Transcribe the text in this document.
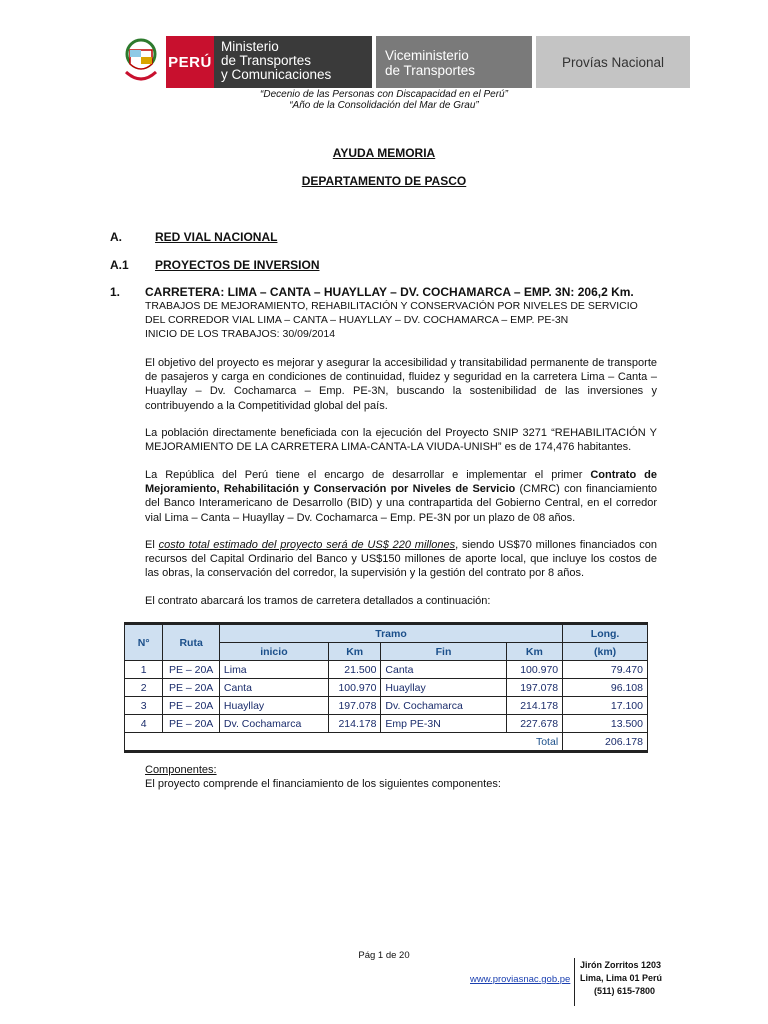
PERÚ
Ministerio
de Transportes
y Comunicaciones
Viceministerio
de Transportes
Provías Nacional
“Decenio de las Personas con Discapacidad en el Perú”
“Año de la Consolidación del Mar de Grau”
AYUDA MEMORIA
DEPARTAMENTO DE PASCO
A.	RED VIAL NACIONAL
A.1 PROYECTOS DE INVERSION
1. CARRETERA: LIMA – CANTA – HUAYLLAY – DV. COCHAMARCA – EMP. 3N: 206,2 Km.
TRABAJOS DE MEJORAMIENTO, REHABILITACIÓN Y CONSERVACIÓN POR NIVELES DE SERVICIO
DEL CORREDOR VIAL LIMA – CANTA – HUAYLLAY – DV. COCHAMARCA – EMP. PE-3N
INICIO DE LOS TRABAJOS: 30/09/2014
El objetivo del proyecto es mejorar y asegurar la accesibilidad y transitabilidad permanente de transporte de pasajeros y carga en condiciones de continuidad, fluidez y seguridad en la carretera Lima – Canta – Huayllay – Dv. Cochamarca – Emp. PE-3N, buscando la sostenibilidad de las inversiones y contribuyendo a la Competitividad global del país.
La población directamente beneficiada con la ejecución del Proyecto SNIP 3271 “REHABILITACIÓN Y MEJORAMIENTO DE LA CARRETERA LIMA-CANTA-LA VIUDA-UNISH” es de 174,476 habitantes.
La República del Perú tiene el encargo de desarrollar e implementar el primer Contrato de Mejoramiento, Rehabilitación y Conservación por Niveles de Servicio (CMRC) con financiamiento del Banco Interamericano de Desarrollo (BID) y una contrapartida del Gobierno Central, en el corredor vial Lima – Canta – Huayllay – Dv. Cochamarca – Emp. PE-3N por un plazo de 08 años.
El costo total estimado del proyecto será de US$ 220 millones, siendo US$70 millones financiados con recursos del Capital Ordinario del Banco y US$150 millones de aporte local, que incluye los costos de las obras, la conservación del corredor, la supervisión y la gestión del contrato por 8 años.
El contrato abarcará los tramos de carretera detallados a continuación:
N°	Ruta	Tramo				Long.
		inicio	Km	Fin	Km	(km)
1	PE – 20A	Lima	21.500	Canta	100.970	79.470
2	PE – 20A	Canta	100.970	Huayllay	197.078	96.108
3	PE – 20A	Huayllay	197.078	Dv. Cochamarca	214.178	17.100
4	PE – 20A	Dv. Cochamarca	214.178	Emp PE-3N	227.678	13.500
Total						206.178
Componentes:
El proyecto comprende el financiamiento de los siguientes componentes:
Pág 1 de 20
www.proviasnac.gob.pe
Jirón Zorritos 1203
Lima, Lima 01 Perú
(511) 615-7800
